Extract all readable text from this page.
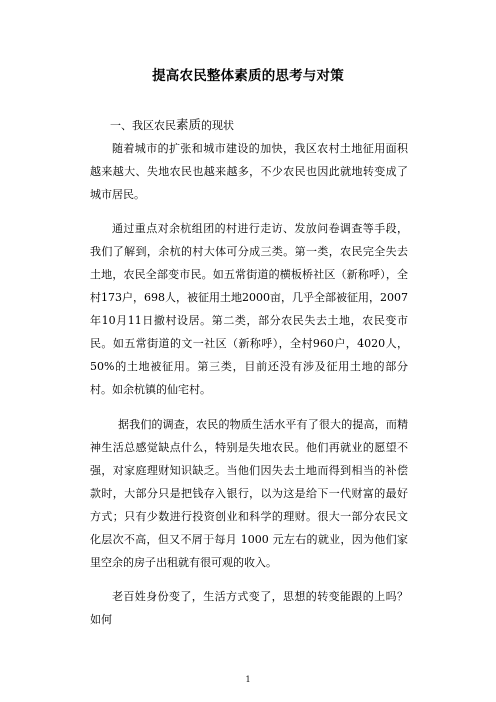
提高农民整体素质的思考与对策

一、我区农民素质的现状

随着城市的扩张和城市建设的加快，我区农村土地征用面积越来越大、失地农民也越来越多，不少农民也因此就地转变成了城市居民。

通过重点对余杭组团的村进行走访、发放问卷调查等手段，我们了解到，余杭的村大体可分成三类。第一类，农民完全失去土地，农民全部变市民。如五常街道的横板桥社区（新称呼），全村173户，698人，被征用土地2000亩，几乎全部被征用，2007年10月11日撤村设居。第二类，部分农民失去土地，农民变市民。如五常街道的文一社区（新称呼），全村960户，4020人，50%的土地被征用。第三类，目前还没有涉及征用土地的部分村。如余杭镇的仙宅村。

据我们的调查，农民的物质生活水平有了很大的提高，而精神生活总感觉缺点什么，特别是失地农民。他们再就业的愿望不强，对家庭理财知识缺乏。当他们因失去土地而得到相当的补偿款时，大部分只是把钱存入银行，以为这是给下一代财富的最好方式；只有少数进行投资创业和科学的理财。很大一部分农民文化层次不高，但又不屑于每月 1000 元左右的就业，因为他们家里空余的房子出租就有很可观的收入。

老百姓身份变了，生活方式变了，思想的转变能跟的上吗？如何

1
